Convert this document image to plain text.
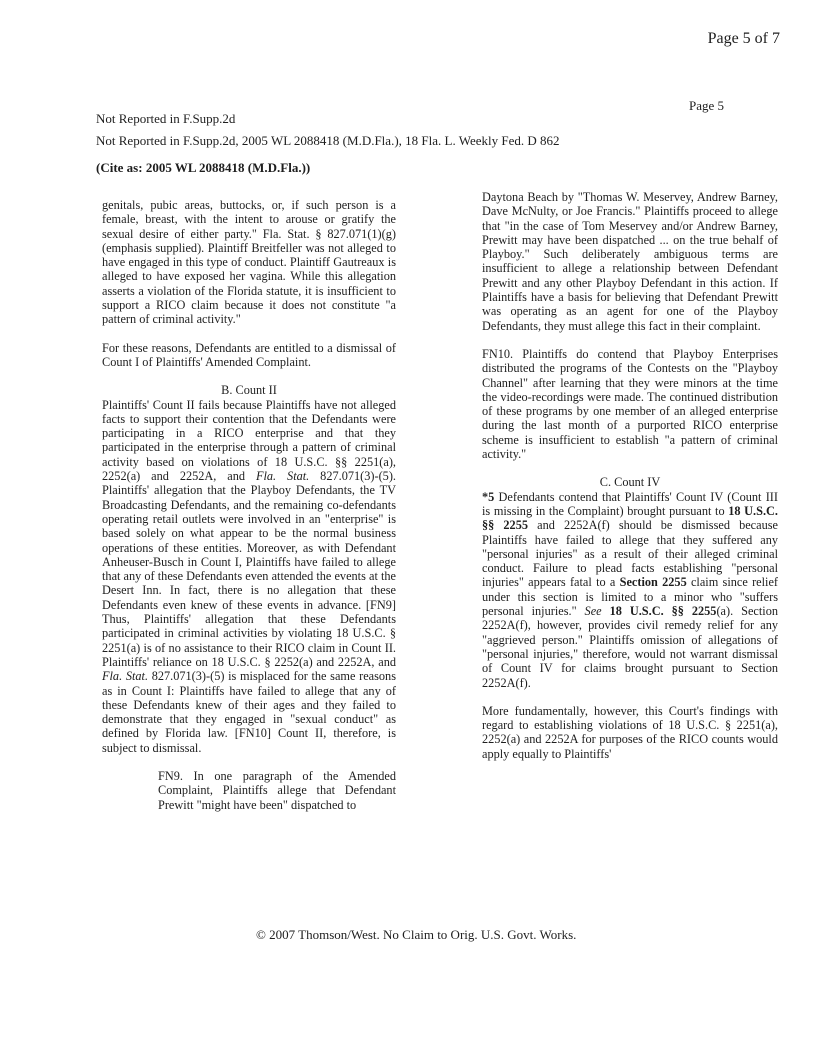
Page 5 of 7
Page 5
Not Reported in F.Supp.2d
Not Reported in F.Supp.2d, 2005 WL 2088418 (M.D.Fla.), 18 Fla. L. Weekly Fed. D 862
(Cite as: 2005 WL 2088418 (M.D.Fla.))

genitals, pubic areas, buttocks, or, if such person is a female, breast, with the intent to arouse or gratify the sexual desire of either party." Fla. Stat. § 827.071(1)(g) (emphasis supplied). Plaintiff Breitfeller was not alleged to have engaged in this type of conduct. Plaintiff Gautreaux is alleged to have exposed her vagina. While this allegation asserts a violation of the Florida statute, it is insufficient to support a RICO claim because it does not constitute "a pattern of criminal activity."

For these reasons, Defendants are entitled to a dismissal of Count I of Plaintiffs' Amended Complaint.

B. Count II

Plaintiffs' Count II fails because Plaintiffs have not alleged facts to support their contention that the Defendants were participating in a RICO enterprise and that they participated in the enterprise through a pattern of criminal activity based on violations of 18 U.S.C. §§ 2251(a), 2252(a) and 2252A, and Fla. Stat. 827.071(3)-(5). Plaintiffs' allegation that the Playboy Defendants, the TV Broadcasting Defendants, and the remaining co-defendants operating retail outlets were involved in an "enterprise" is based solely on what appear to be the normal business operations of these entities. Moreover, as with Defendant Anheuser-Busch in Count I, Plaintiffs have failed to allege that any of these Defendants even attended the events at the Desert Inn. In fact, there is no allegation that these Defendants even knew of these events in advance. [FN9] Thus, Plaintiffs' allegation that these Defendants participated in criminal activities by violating 18 U.S.C. § 2251(a) is of no assistance to their RICO claim in Count II. Plaintiffs' reliance on 18 U.S.C. § 2252(a) and 2252A, and Fla. Stat. 827.071(3)-(5) is misplaced for the same reasons as in Count I: Plaintiffs have failed to allege that any of these Defendants knew of their ages and they failed to demonstrate that they engaged in "sexual conduct" as defined by Florida law. [FN10] Count II, therefore, is subject to dismissal.

FN9. In one paragraph of the Amended Complaint, Plaintiffs allege that Defendant Prewitt "might have been" dispatched to

Daytona Beach by "Thomas W. Meservey, Andrew Barney, Dave McNulty, or Joe Francis." Plaintiffs proceed to allege that "in the case of Tom Meservey and/or Andrew Barney, Prewitt may have been dispatched ... on the true behalf of Playboy." Such deliberately ambiguous terms are insufficient to allege a relationship between Defendant Prewitt and any other Playboy Defendant in this action. If Plaintiffs have a basis for believing that Defendant Prewitt was operating as an agent for one of the Playboy Defendants, they must allege this fact in their complaint.

FN10. Plaintiffs do contend that Playboy Enterprises distributed the programs of the Contests on the "Playboy Channel" after learning that they were minors at the time the video-recordings were made. The continued distribution of these programs by one member of an alleged enterprise during the last month of a purported RICO enterprise scheme is insufficient to establish "a pattern of criminal activity."

C. Count IV

*5 Defendants contend that Plaintiffs' Count IV (Count III is missing in the Complaint) brought pursuant to 18 U.S.C. §§ 2255 and 2252A(f) should be dismissed because Plaintiffs have failed to allege that they suffered any "personal injuries" as a result of their alleged criminal conduct. Failure to plead facts establishing "personal injuries" appears fatal to a Section 2255 claim since relief under this section is limited to a minor who "suffers personal injuries." See 18 U.S.C. §§ 2255(a). Section 2252A(f), however, provides civil remedy relief for any "aggrieved person." Plaintiffs omission of allegations of "personal injuries," therefore, would not warrant dismissal of Count IV for claims brought pursuant to Section 2252A(f).

More fundamentally, however, this Court's findings with regard to establishing violations of 18 U.S.C. § 2251(a), 2252(a) and 2252A for purposes of the RICO counts would apply equally to Plaintiffs'

© 2007 Thomson/West. No Claim to Orig. U.S. Govt. Works.
